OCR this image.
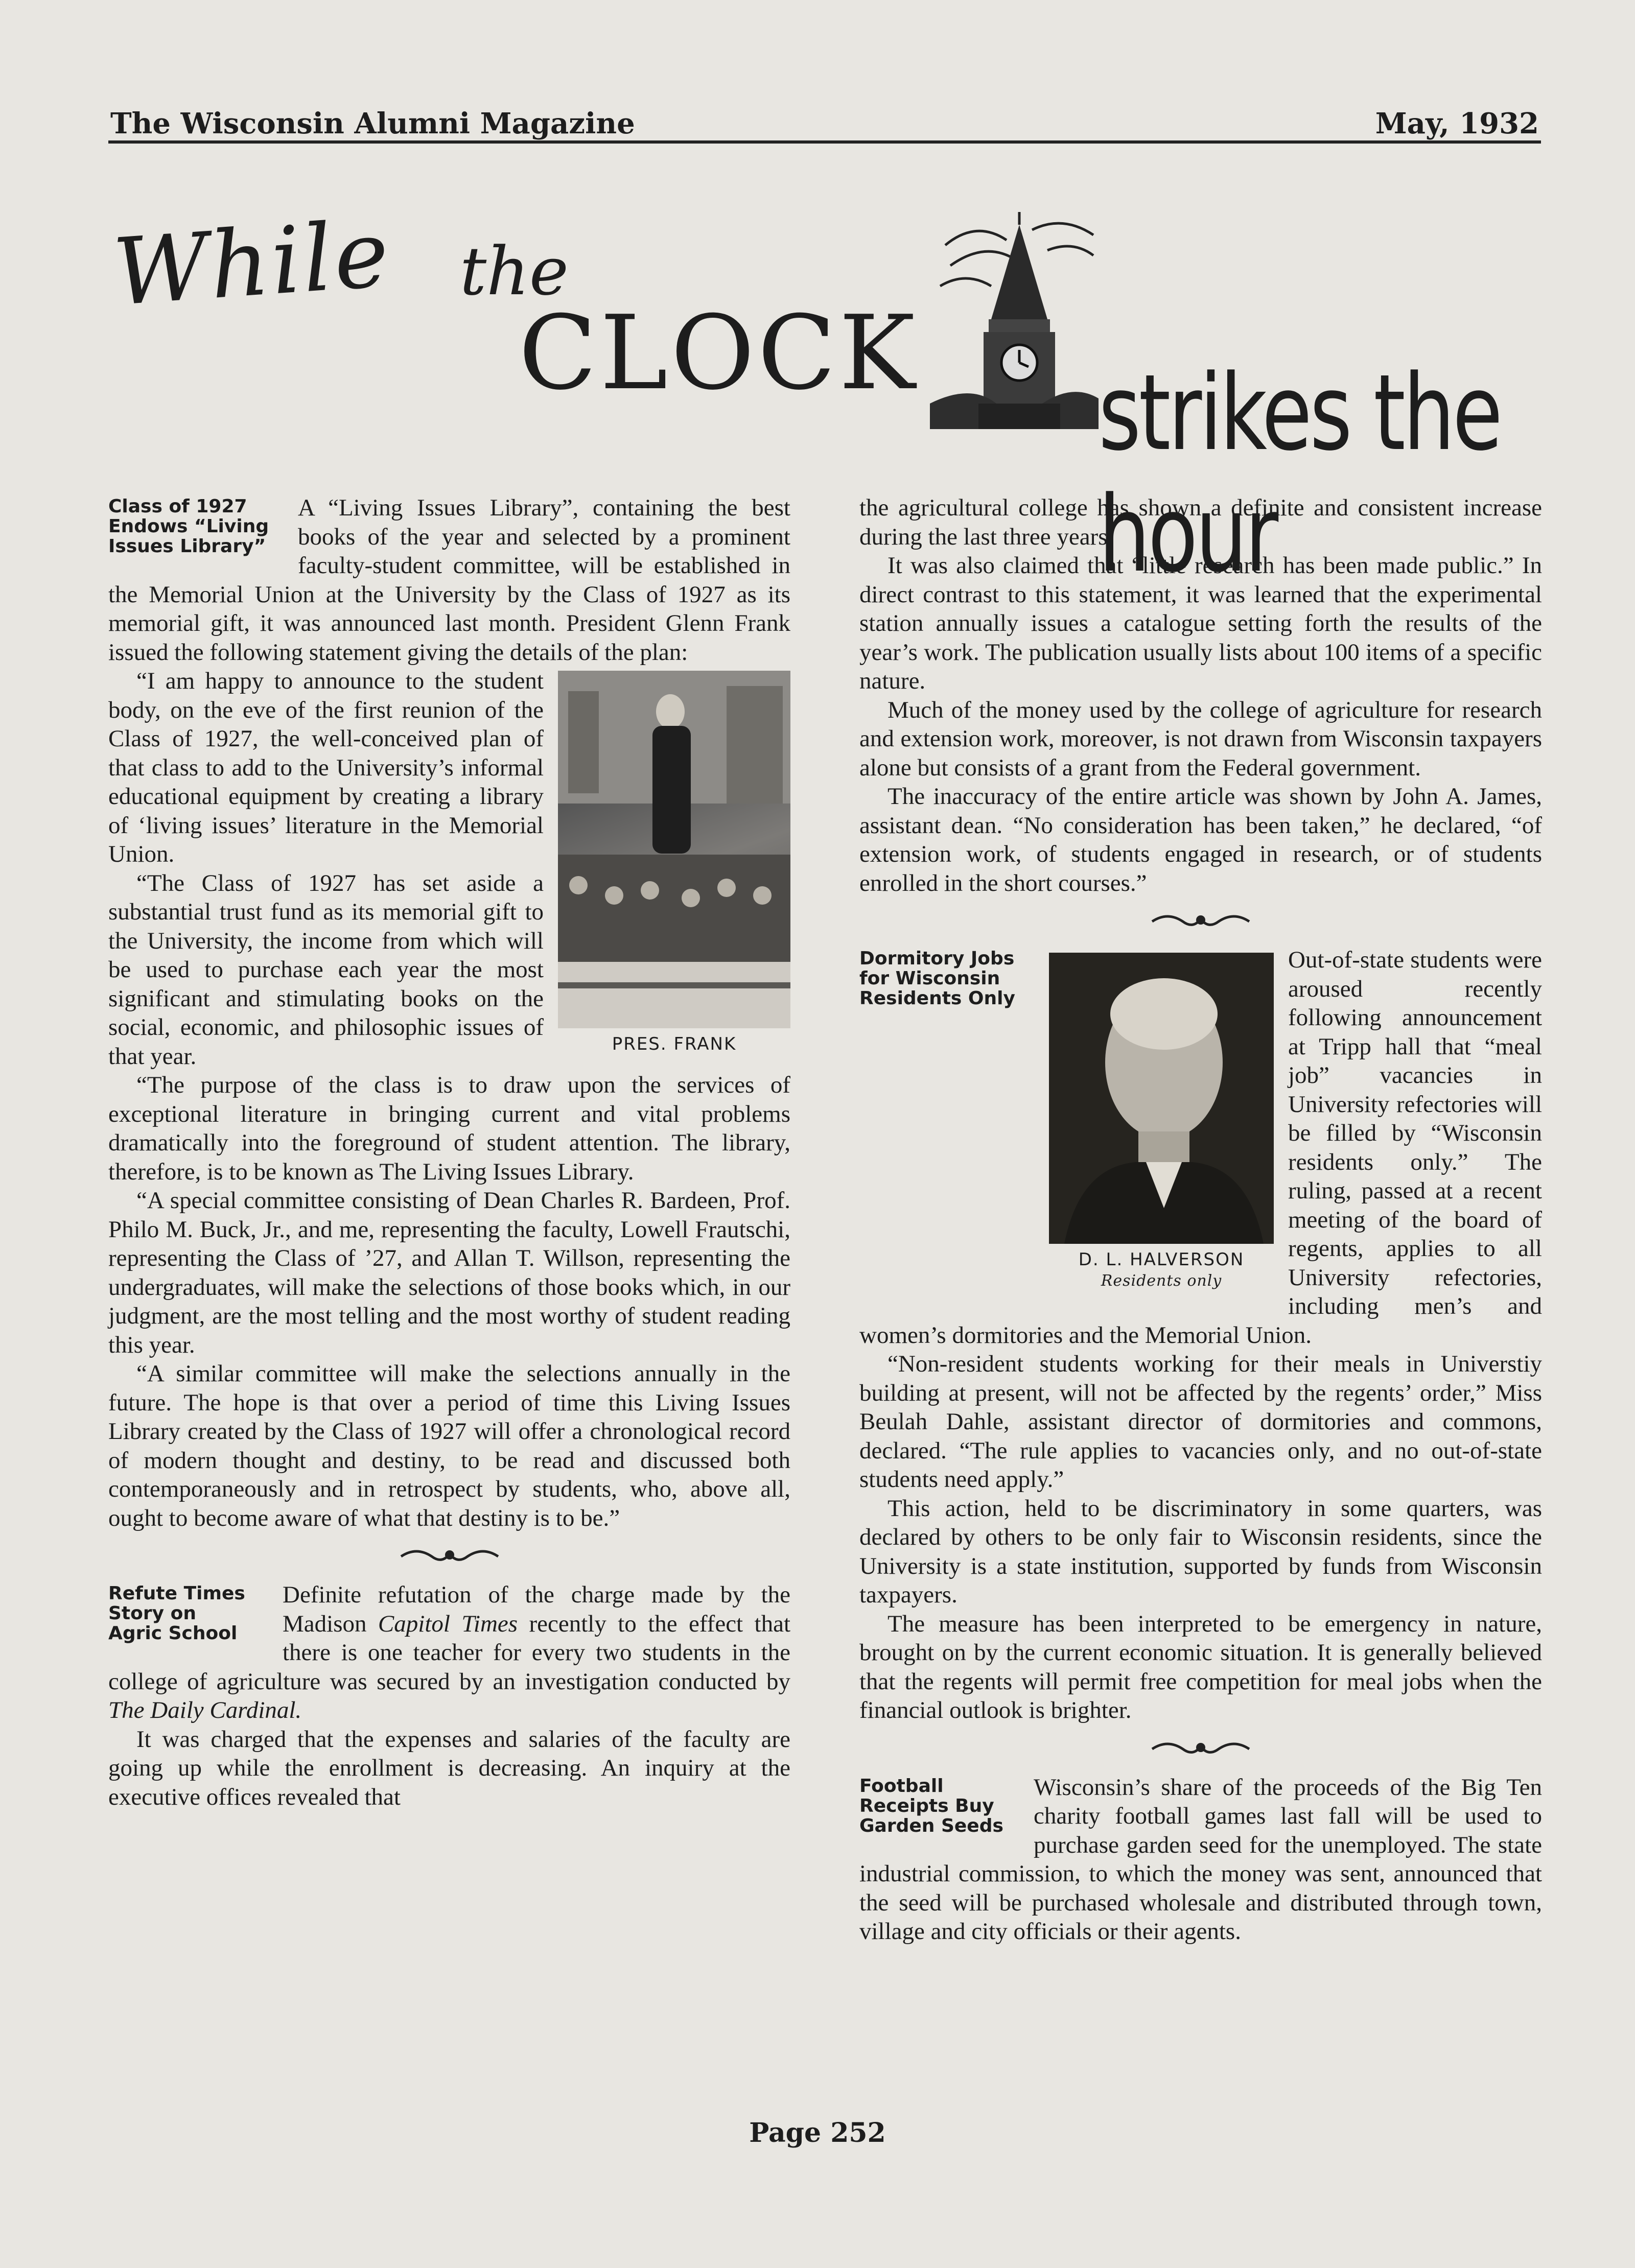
The Wisconsin Alumni Magazine	May, 1932
While the
CLOCK strikes the hour
Class of 1927
Endows “Living
Issues Library”

A “Living Issues Library”, containing the best books of the year and selected by a prominent faculty-student committee, will be established in the Memorial Union at the University by the Class of 1927 as its memorial gift, it was announced last month. President Glenn Frank issued the following statement giving the details of the plan:

PRES. FRANK

“I am happy to announce to the student body, on the eve of the first reunion of the Class of 1927, the well-conceived plan of that class to add to the University’s informal educational equipment by creating a library of ‘living issues’ literature in the Memorial Union.

“The Class of 1927 has set aside a substantial trust fund as its memorial gift to the University, the income from which will be used to purchase each year the most significant and stimulating books on the social, economic, and philosophic issues of that year.

“The purpose of the class is to draw upon the services of exceptional literature in bringing current and vital problems dramatically into the foreground of student attention. The library, therefore, is to be known as The Living Issues Library.

“A special committee consisting of Dean Charles R. Bardeen, Prof. Philo M. Buck, Jr., and me, representing the faculty, Lowell Frautschi, representing the Class of ’27, and Allan T. Willson, representing the undergraduates, will make the selections of those books which, in our judgment, are the most telling and the most worthy of student reading this year.

“A similar committee will make the selections annually in the future. The hope is that over a period of time this Living Issues Library created by the Class of 1927 will offer a chronological record of modern thought and destiny, to be read and discussed both contemporaneously and in retrospect by students, who, above all, ought to become aware of what that destiny is to be.”

Refute Times
Story on
Agric School

Definite refutation of the charge made by the Madison Capitol Times recently to the effect that there is one teacher for every two students in the college of agriculture was secured by an investigation conducted by The Daily Cardinal.

It was charged that the expenses and salaries of the faculty are going up while the enrollment is decreasing. An inquiry at the executive offices revealed that

the agricultural college has shown a definite and consistent increase during the last three years.

It was also claimed that “little research has been made public.” In direct contrast to this statement, it was learned that the experimental station annually issues a catalogue setting forth the results of the year’s work. The publication usually lists about 100 items of a specific nature.

Much of the money used by the college of agriculture for research and extension work, moreover, is not drawn from Wisconsin taxpayers alone but consists of a grant from the Federal government.

The inaccuracy of the entire article was shown by John A. James, assistant dean. “No consideration has been taken,” he declared, “of extension work, of students engaged in research, or of students enrolled in the short courses.”

Dormitory Jobs
for Wisconsin
Residents Only
D. L. HALVERSON
Residents only

Out-of-state students were aroused recently following announcement at Tripp hall that “meal job” vacancies in University refectories will be filled by “Wisconsin residents only.” The ruling, passed at a recent meeting of the board of regents, applies to all University refectories, including men’s and women’s dormitories and the Memorial Union.

“Non-resident students working for their meals in Universtiy building at present, will not be affected by the regents’ order,” Miss Beulah Dahle, assistant director of dormitories and commons, declared. “The rule applies to vacancies only, and no out-of-state students need apply.”

This action, held to be discriminatory in some quarters, was declared by others to be only fair to Wisconsin residents, since the University is a state institution, supported by funds from Wisconsin taxpayers.

The measure has been interpreted to be emergency in nature, brought on by the current economic situation. It is generally believed that the regents will permit free competition for meal jobs when the financial outlook is brighter.

Football
Receipts Buy
Garden Seeds

Wisconsin’s share of the proceeds of the Big Ten charity football games last fall will be used to purchase garden seed for the unemployed. The state industrial commission, to which the money was sent, announced that the seed will be purchased wholesale and distributed through town, village and city officials or their agents.

Page 252
